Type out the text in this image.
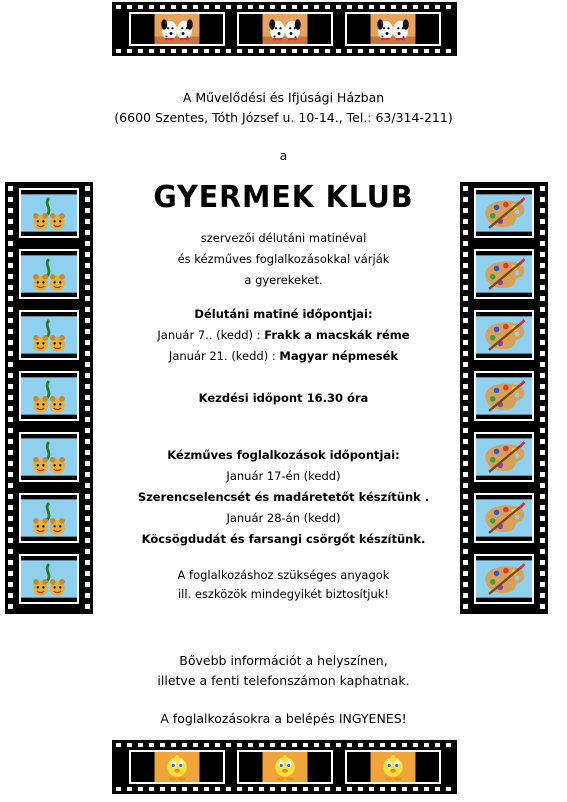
A Művelődési és Ifjúsági Házban

(6600 Szentes, Tóth József u. 10-14., Tel.: 63/314-211)

a

GYERMEK KLUB

szervezői délutáni matinéval

és kézműves foglalkozásokkal várják

a gyerekeket.

Délutáni matiné időpontjai:

Január 7.. (kedd) : Frakk a macskák réme

Január 21. (kedd) : Magyar népmesék

Kezdési időpont 16.30 óra

Kézműves foglalkozások időpontjai:

Január 17-én (kedd)

Szerencselencsét és madáretetőt készítünk .

Január 28-án (kedd)

Köcsögdudát és farsangi csörgőt készítünk.

A foglalkozáshoz szükséges anyagok

ill. eszközök mindegyikét biztosítjuk!

Bővebb információt a helyszínen,

illetve a fenti telefonszámon kaphatnak.

A foglalkozásokra a belépés INGYENES!
